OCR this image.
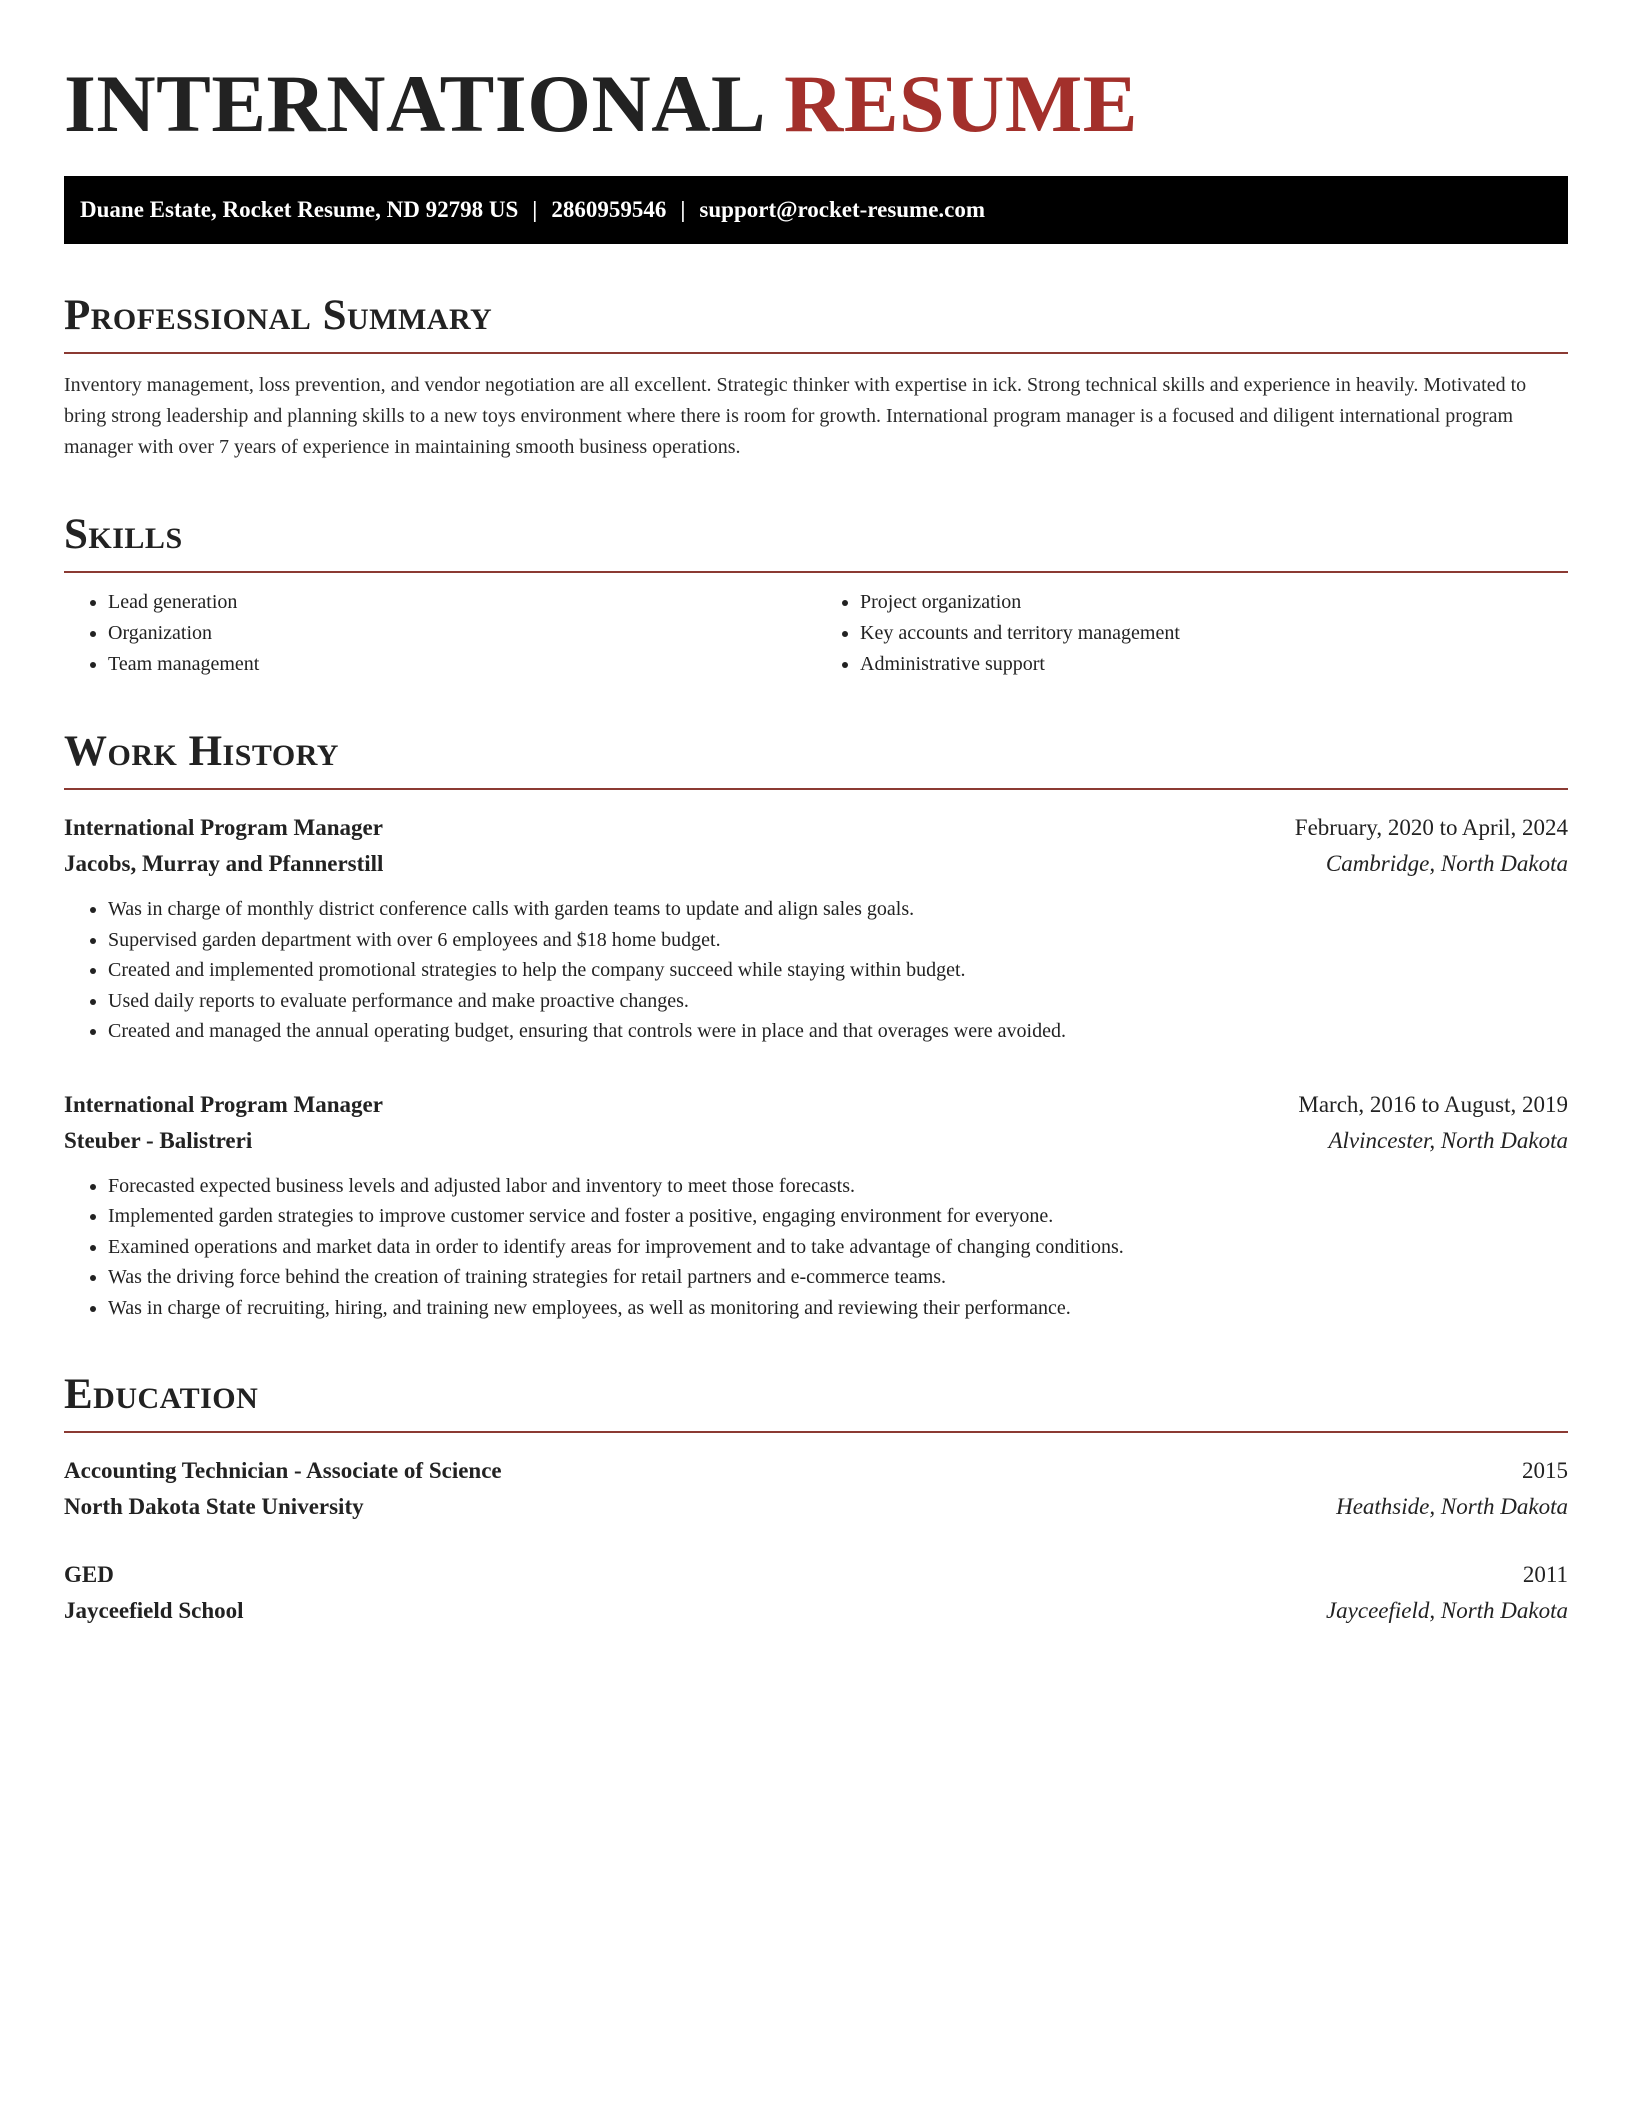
INTERNATIONAL RESUME
Duane Estate, Rocket Resume, ND 92798 US | 2860959546 | support@rocket-resume.com
Professional Summary

Inventory management, loss prevention, and vendor negotiation are all excellent. Strategic thinker with expertise in ick. Strong technical skills and experience in heavily. Motivated to bring strong leadership and planning skills to a new toys environment where there is room for growth. International program manager is a focused and diligent international program manager with over 7 years of experience in maintaining smooth business operations.

Skills
• Lead generation
• Organization
• Team management
• Project organization
• Key accounts and territory management
• Administrative support
Work History
International Program Manager	February, 2020 to April, 2024
Jacobs, Murray and Pfannerstill	Cambridge, North Dakota
• Was in charge of monthly district conference calls with garden teams to update and align sales goals.
• Supervised garden department with over 6 employees and $18 home budget.
• Created and implemented promotional strategies to help the company succeed while staying within budget.
• Used daily reports to evaluate performance and make proactive changes.
• Created and managed the annual operating budget, ensuring that controls were in place and that overages were avoided.
International Program Manager	March, 2016 to August, 2019
Steuber - Balistreri	Alvincester, North Dakota
• Forecasted expected business levels and adjusted labor and inventory to meet those forecasts.
• Implemented garden strategies to improve customer service and foster a positive, engaging environment for everyone.
• Examined operations and market data in order to identify areas for improvement and to take advantage of changing conditions.
• Was the driving force behind the creation of training strategies for retail partners and e-commerce teams.
• Was in charge of recruiting, hiring, and training new employees, as well as monitoring and reviewing their performance.
Education
Accounting Technician - Associate of Science	2015
North Dakota State University	Heathside, North Dakota
GED	2011
Jayceefield School	Jayceefield, North Dakota
